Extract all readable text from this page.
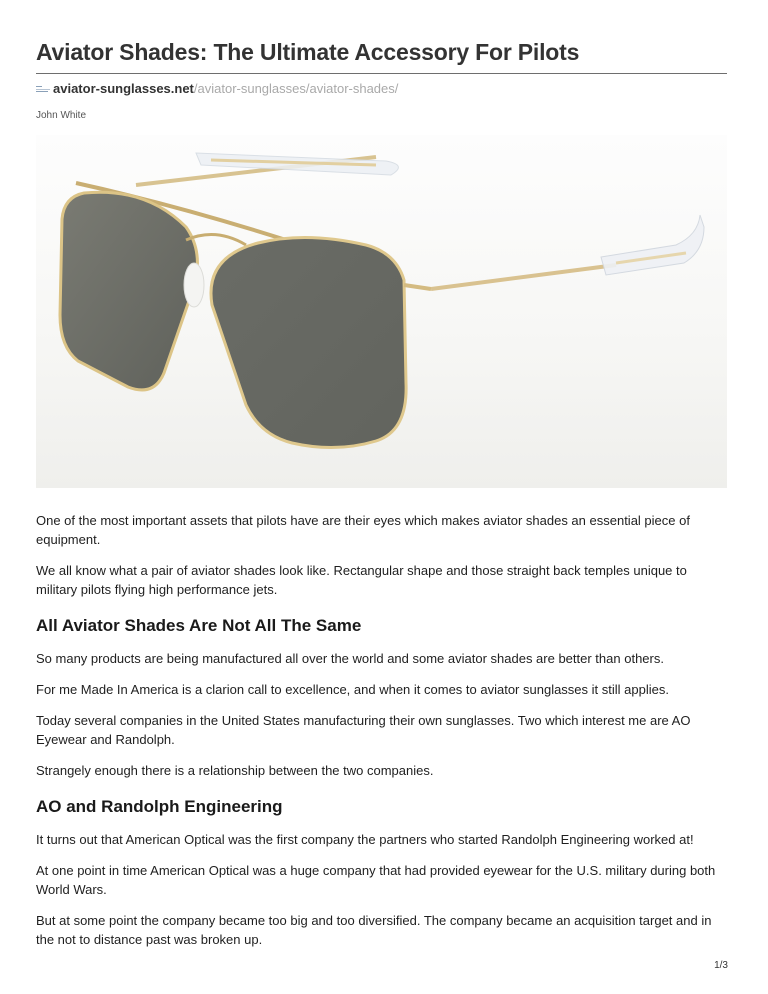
Aviator Shades: The Ultimate Accessory For Pilots
aviator-sunglasses.net/aviator-sunglasses/aviator-shades/
John White

One of the most important assets that pilots have are their eyes which makes aviator shades an essential piece of equipment.

We all know what a pair of aviator shades look like. Rectangular shape and those straight back temples unique to military pilots flying high performance jets.

All Aviator Shades Are Not All The Same

So many products are being manufactured all over the world and some aviator shades are better than others.

For me Made In America is a clarion call to excellence, and when it comes to aviator sunglasses it still applies.

Today several companies in the United States manufacturing their own sunglasses. Two which interest me are AO Eyewear and Randolph.

Strangely enough there is a relationship between the two companies.

AO and Randolph Engineering

It turns out that American Optical was the first company the partners who started Randolph Engineering worked at!

At one point in time American Optical was a huge company that had provided eyewear for the U.S. military during both World Wars.

But at some point the company became too big and too diversified. The company became an acquisition target and in the not to distance past was broken up.

1/3
